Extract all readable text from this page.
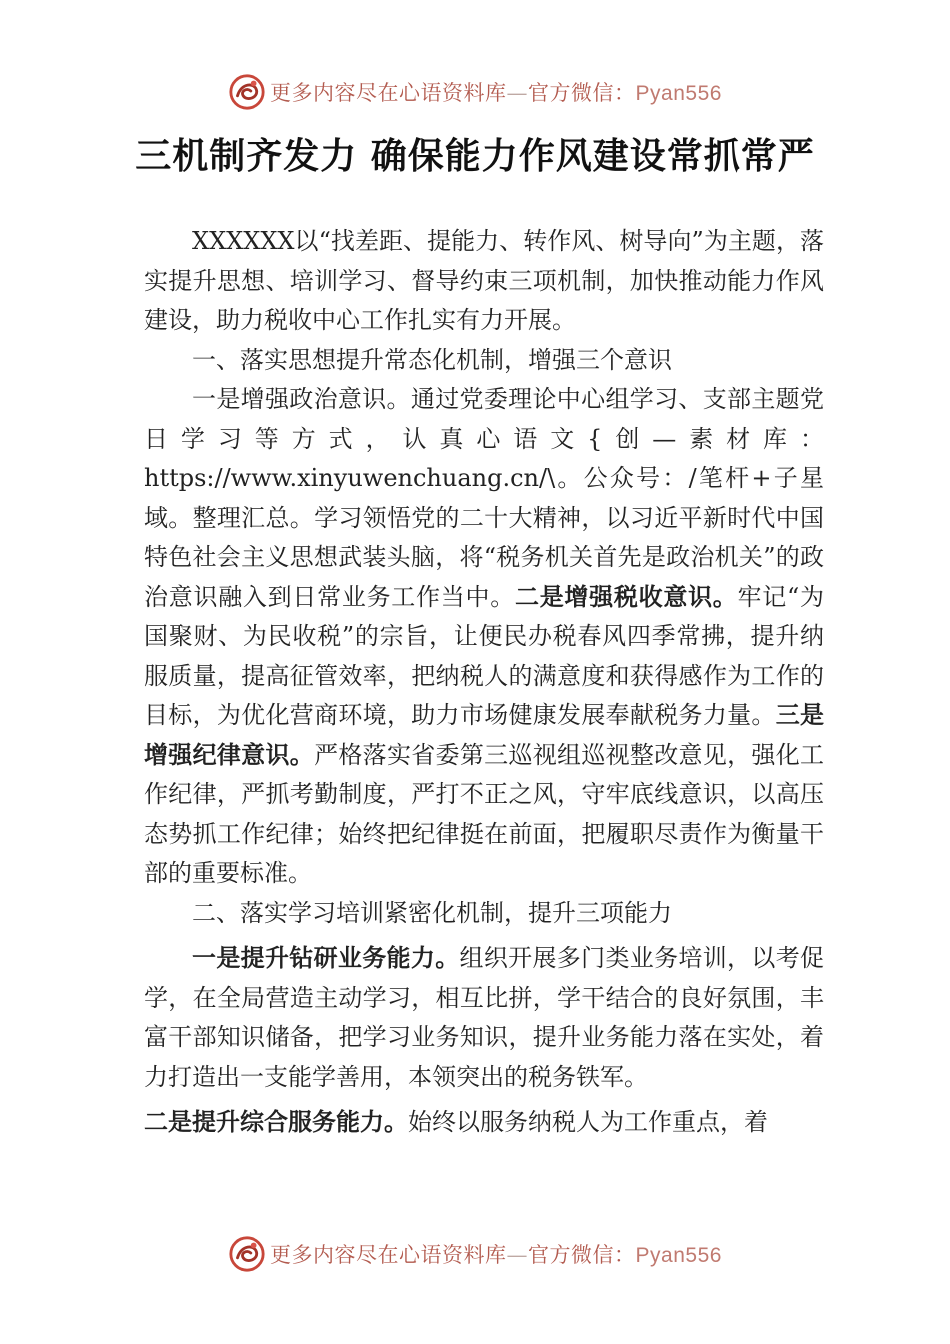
更多内容尽在心语资料库—官方微信：Pyan556
三机制齐发力 确保能力作风建设常抓常严

XXXXXX以“找差距、提能力、转作风、树导向”为主题，落实提升思想、培训学习、督导约束三项机制，加快推动能力作风建设，助力税收中心工作扎实有力开展。

一、落实思想提升常态化机制，增强三个意识

一是增强政治意识。通过党委理论中心组学习、支部主题党日学习等方式，认真心语文{创—素材库：https://www.xinyuwenchuang.cn/\。公众号：/笔杆+子星域。整理汇总。学习领悟党的二十大精神，以习近平新时代中国特色社会主义思想武装头脑，将“税务机关首先是政治机关”的政治意识融入到日常业务工作当中。二是增强税收意识。牢记“为国聚财、为民收税”的宗旨，让便民办税春风四季常拂，提升纳服质量，提高征管效率，把纳税人的满意度和获得感作为工作的目标，为优化营商环境，助力市场健康发展奉献税务力量。三是增强纪律意识。严格落实省委第三巡视组巡视整改意见，强化工作纪律，严抓考勤制度，严打不正之风，守牢底线意识，以高压态势抓工作纪律；始终把纪律挺在前面，把履职尽责作为衡量干部的重要标准。

二、落实学习培训紧密化机制，提升三项能力

一是提升钻研业务能力。组织开展多门类业务培训，以考促学，在全局营造主动学习，相互比拼，学干结合的良好氛围，丰富干部知识储备，把学习业务知识，提升业务能力落在实处，着力打造出一支能学善用，本领突出的税务铁军。

二是提升综合服务能力。始终以服务纳税人为工作重点，着

更多内容尽在心语资料库—官方微信：Pyan556
